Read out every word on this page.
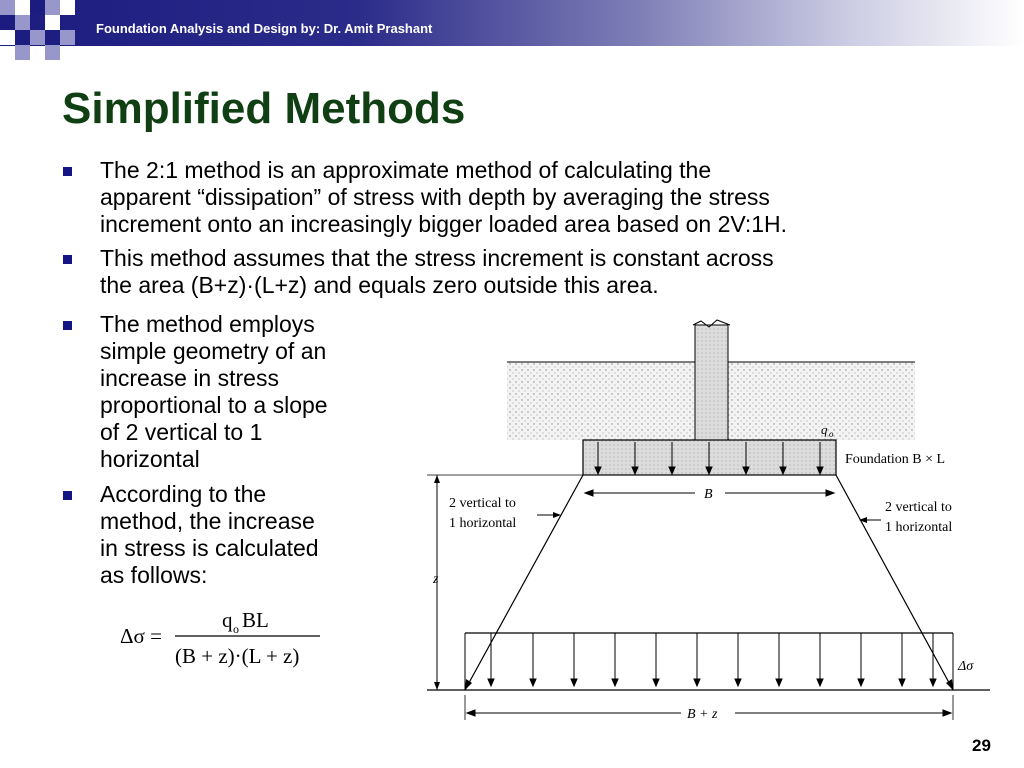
Foundation Analysis and Design by: Dr. Amit Prashant
Simplified Methods
The 2:1 method is an approximate method of calculating the
apparent “dissipation” of stress with depth by averaging the stress
increment onto an increasingly bigger loaded area based on 2V:1H.
This method assumes that the stress increment is constant across
the area (B+z)·(L+z) and equals zero outside this area.
The method employs
simple geometry of an
increase in stress
proportional to a slope
of 2 vertical to 1
horizontal
According to the
method, the increase
in stress is calculated
as follows:
Δσ =
q o BL
(B + z)·(L + z)
q o
Foundation B × L
B
2 vertical to
1 horizontal
2 vertical to
1 horizontal
z
Δσ
B + z
29
